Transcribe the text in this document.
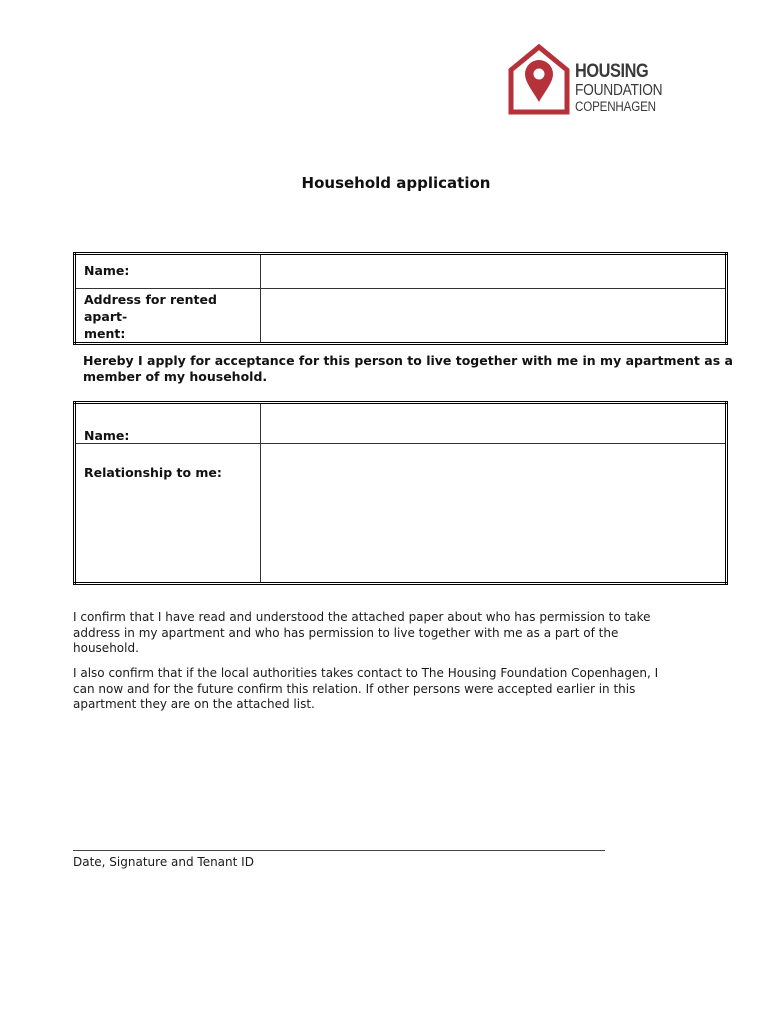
HOUSING
FOUNDATION
COPENHAGEN
Household application
Name:	
Address for rented apart-
ment:	
Hereby I apply for acceptance for this person to live together with me in my apartment as a member of my household.
Name:	
Relationship to me:	
I confirm that I have read and understood the attached paper about who has permission to take address in my apartment and who has permission to live together with me as a part of the household.
I also confirm that if the local authorities takes contact to The Housing Foundation Copenhagen, I can now and for the future confirm this relation. If other persons were accepted earlier in this apartment they are on the attached list.
Date, Signature and Tenant ID
